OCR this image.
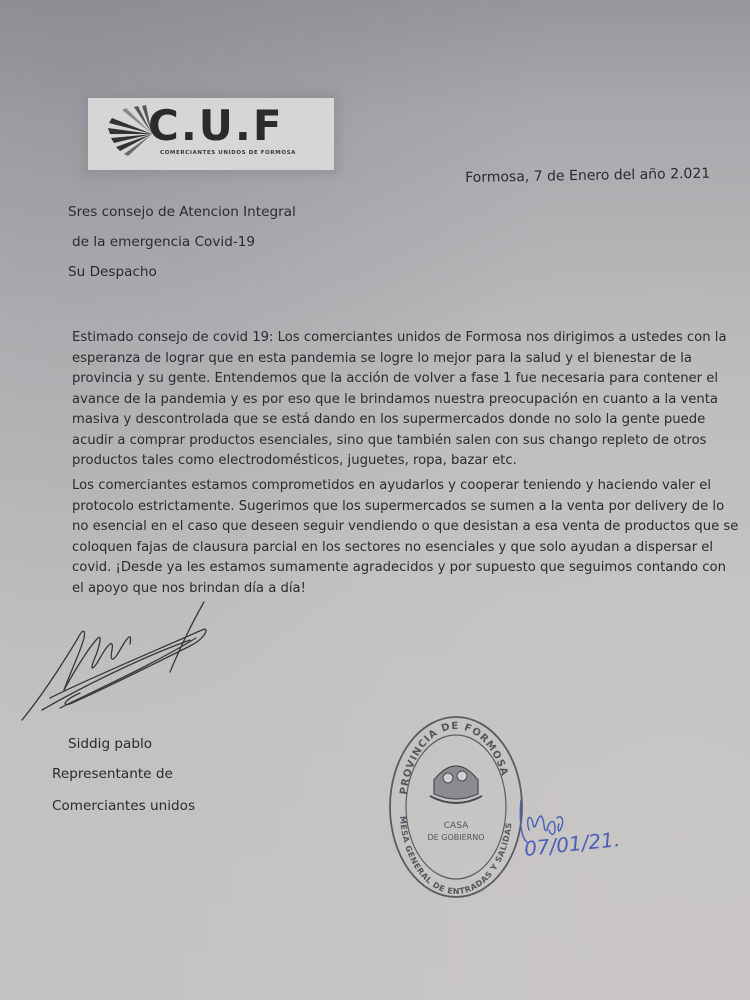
C.U.F
COMERCIANTES UNIDOS DE FORMOSA
Formosa, 7 de Enero del año 2.021
Sres consejo de Atencion Integral
de la emergencia Covid-19
Su Despacho
Estimado consejo de covid 19: Los comerciantes unidos de Formosa nos dirigimos a ustedes con la
esperanza de lograr que en esta pandemia se logre lo mejor para la salud y el bienestar de la
provincia y su gente. Entendemos que la acción de volver a fase 1 fue necesaria para contener el
avance de la pandemia y es por eso que le brindamos nuestra preocupación en cuanto a la venta
masiva y descontrolada que se está dando en los supermercados donde no solo la gente puede
acudir a comprar productos esenciales, sino que también salen con sus chango repleto de otros
productos tales como electrodomésticos, juguetes, ropa, bazar etc.
Los comerciantes estamos comprometidos en ayudarlos y cooperar teniendo y haciendo valer el
protocolo estrictamente. Sugerimos que los supermercados se sumen a la venta por delivery de lo
no esencial en el caso que deseen seguir vendiendo o que desistan a esa venta de productos que se
coloquen fajas de clausura parcial en los sectores no esenciales y que solo ayudan a dispersar el
covid. ¡Desde ya les estamos sumamente agradecidos y por supuesto que seguimos contando con
el apoyo que nos brindan día a día!
Siddig pablo
Representante de
Comerciantes unidos
PROVINCIA DE FORMOSA
MESA GENERAL DE ENTRADAS Y SALIDAS
CASA
DE GOBIERNO 07/01/21.
